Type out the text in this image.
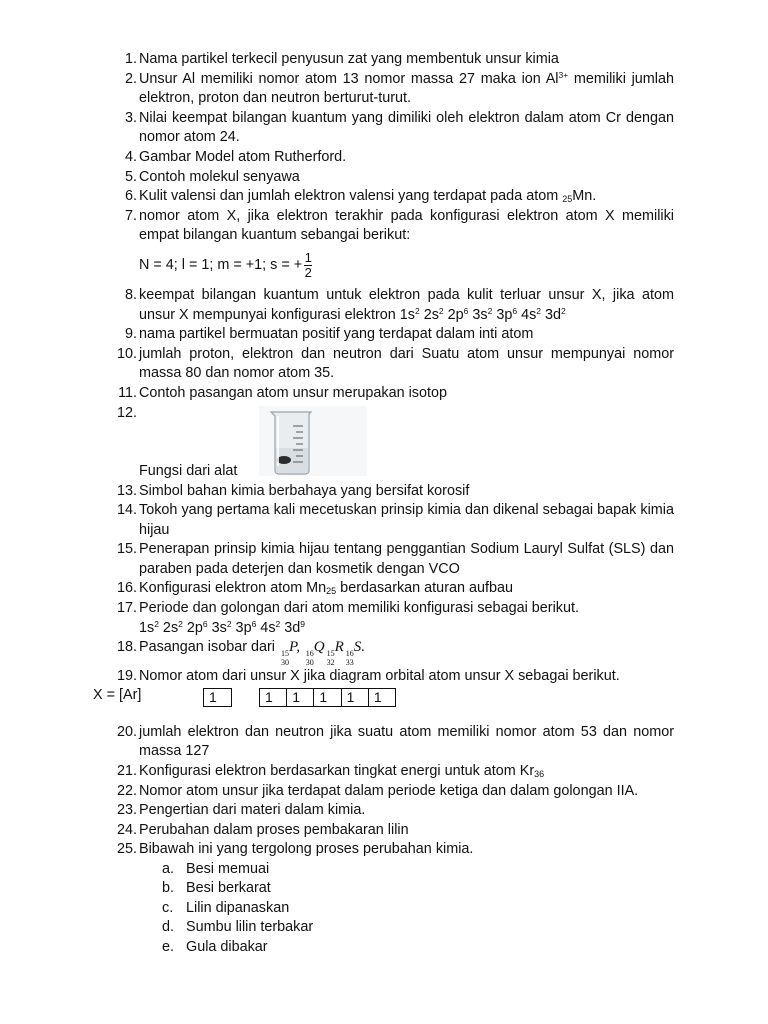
1. Nama partikel terkecil penyusun zat yang membentuk unsur kimia
2. Unsur Al memiliki nomor atom 13 nomor massa 27 maka ion $Al^{3+}$ memiliki jumlah elektron, proton dan neutron berturut-turut.
3. Nilai keempat bilangan kuantum yang dimiliki oleh elektron dalam atom Cr dengan nomor atom 24.
4. Gambar Model atom Rutherford.
5. Contoh molekul senyawa
6. Kulit valensi dan jumlah elektron valensi yang terdapat pada atom $_{25}$Mn.
7. nomor atom X, jika elektron terakhir pada konfigurasi elektron atom X memiliki empat bilangan kuantum sebangai berikut:
N = 4; l = 1; m = +1; s = + $\frac{1}{2}$
8. keempat bilangan kuantum untuk elektron pada kulit terluar unsur X, jika atom unsur X mempunyai konfigurasi elektron $1s^2$ $2s^2$ $2p^6$ $3s^2$ $3p^6$ $4s^2$ $3d^2$
9. nama partikel bermuatan positif yang terdapat dalam inti atom
10. jumlah proton, elektron dan neutron dari Suatu atom unsur mempunyai nomor massa 80 dan nomor atom 35.
11. Contoh pasangan atom unsur merupakan isotop
12.
Fungsi dari alat
13. Simbol bahan kimia berbahaya yang bersifat korosif
14. Tokoh yang pertama kali mecetuskan prinsip kimia dan dikenal sebagai bapak kimia hijau
15. Penerapan prinsip kimia hijau tentang penggantian Sodium Lauryl Sulfat (SLS) dan paraben pada deterjen dan kosmetik dengan VCO
16. Konfigurasi elektron atom $Mn_{25}$ berdasarkan aturan aufbau
17. Periode dan golongan dari atom memiliki konfigurasi sebagai berikut.
$1s^2$ $2s^2$ $2p^6$ $3s^2$ $3p^6$ $4s^2$ $3d^9$
18. Pasangan isobar dari 15
30
P, 16
30
Q 15
32
R 16
33
S.
19. Nomor atom dari unsur X jika diagram orbital atom unsur X sebagai berikut.
X = [Ar]	1	1	1	1	1	1
20. jumlah elektron dan neutron jika suatu atom memiliki nomor atom 53 dan nomor massa 127
21. Konfigurasi elektron berdasarkan tingkat energi untuk atom $Kr_{36}$
22. Nomor atom unsur jika terdapat dalam periode ketiga dan dalam golongan IIA.
23. Pengertian dari materi dalam kimia.
24. Perubahan dalam proses pembakaran lilin
25. Bibawah ini yang tergolong proses perubahan kimia.
a. Besi memuai
b. Besi berkarat
c. Lilin dipanaskan
d. Sumbu lilin terbakar
e. Gula dibakar
